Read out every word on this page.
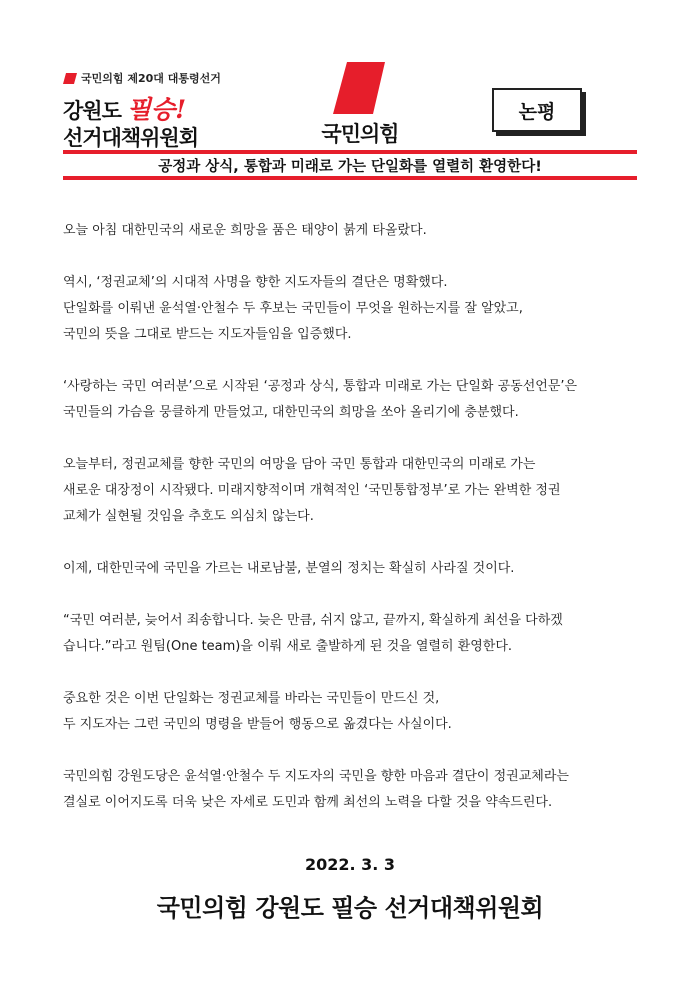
국민의힘 제20대 대통령선거
강원도 필승!
선거대책위원회	국민의힘
논평
공정과 상식, 통합과 미래로 가는 단일화를 열렬히 환영한다!

오늘 아침 대한민국의 새로운 희망을 품은 태양이 붉게 타올랐다.

역시, ‘정권교체’의 시대적 사명을 향한 지도자들의 결단은 명확했다.
단일화를 이뤄낸 윤석열·안철수 두 후보는 국민들이 무엇을 원하는지를 잘 알았고,
국민의 뜻을 그대로 받드는 지도자들임을 입증했다.

‘사랑하는 국민 여러분’으로 시작된 ‘공정과 상식, 통합과 미래로 가는 단일화 공동선언문’은
국민들의 가슴을 뭉클하게 만들었고, 대한민국의 희망을 쏘아 올리기에 충분했다.

오늘부터, 정권교체를 향한 국민의 여망을 담아 국민 통합과 대한민국의 미래로 가는
새로운 대장정이 시작됐다. 미래지향적이며 개혁적인 ‘국민통합정부’로 가는 완벽한 정권
교체가 실현될 것임을 추호도 의심치 않는다.

이제, 대한민국에 국민을 가르는 내로남불, 분열의 정치는 확실히 사라질 것이다.

“국민 여러분, 늦어서 죄송합니다. 늦은 만큼, 쉬지 않고, 끝까지, 확실하게 최선을 다하겠
습니다.”라고 원팀(One team)을 이뤄 새로 출발하게 된 것을 열렬히 환영한다.

중요한 것은 이번 단일화는 정권교체를 바라는 국민들이 만드신 것,
두 지도자는 그런 국민의 명령을 받들어 행동으로 옮겼다는 사실이다.

국민의힘 강원도당은 윤석열·안철수 두 지도자의 국민을 향한 마음과 결단이 정권교체라는
결실로 이어지도록 더욱 낮은 자세로 도민과 함께 최선의 노력을 다할 것을 약속드린다.

2022. 3. 3
국민의힘 강원도 필승 선거대책위원회
